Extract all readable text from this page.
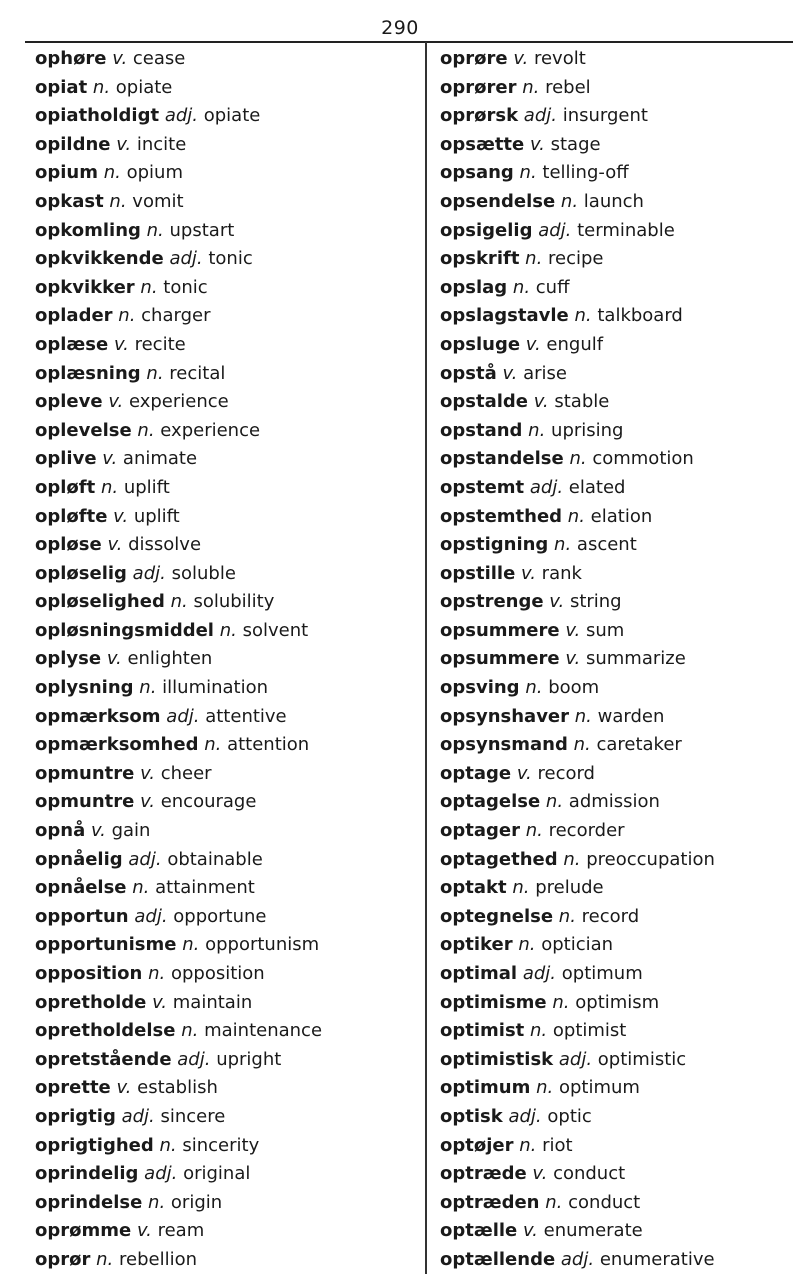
290
ophøre v. cease
opiat n. opiate
opiatholdigt adj. opiate
opildne v. incite
opium n. opium
opkast n. vomit
opkomling n. upstart
opkvikkende adj. tonic
opkvikker n. tonic
oplader n. charger
oplæse v. recite
oplæsning n. recital
opleve v. experience
oplevelse n. experience
oplive v. animate
opløft n. uplift
opløfte v. uplift
opløse v. dissolve
opløselig adj. soluble
opløselighed n. solubility
opløsningsmiddel n. solvent
oplyse v. enlighten
oplysning n. illumination
opmærksom adj. attentive
opmærksomhed n. attention
opmuntre v. cheer
opmuntre v. encourage
opnå v. gain
opnåelig adj. obtainable
opnåelse n. attainment
opportun adj. opportune
opportunisme n. opportunism
opposition n. opposition
opretholde v. maintain
opretholdelse n. maintenance
opretstående adj. upright
oprette v. establish
oprigtig adj. sincere
oprigtighed n. sincerity
oprindelig adj. original
oprindelse n. origin
oprømme v. ream
oprør n. rebellion
oprøre v. revolt
oprører n. rebel
oprørsk adj. insurgent
opsætte v. stage
opsang n. telling-off
opsendelse n. launch
opsigelig adj. terminable
opskrift n. recipe
opslag n. cuff
opslagstavle n. talkboard
opsluge v. engulf
opstå v. arise
opstalde v. stable
opstand n. uprising
opstandelse n. commotion
opstemt adj. elated
opstemthed n. elation
opstigning n. ascent
opstille v. rank
opstrenge v. string
opsummere v. sum
opsummere v. summarize
opsving n. boom
opsynshaver n. warden
opsynsmand n. caretaker
optage v. record
optagelse n. admission
optager n. recorder
optagethed n. preoccupation
optakt n. prelude
optegnelse n. record
optiker n. optician
optimal adj. optimum
optimisme n. optimism
optimist n. optimist
optimistisk adj. optimistic
optimum n. optimum
optisk adj. optic
optøjer n. riot
optræde v. conduct
optræden n. conduct
optælle v. enumerate
optællende adj. enumerative
